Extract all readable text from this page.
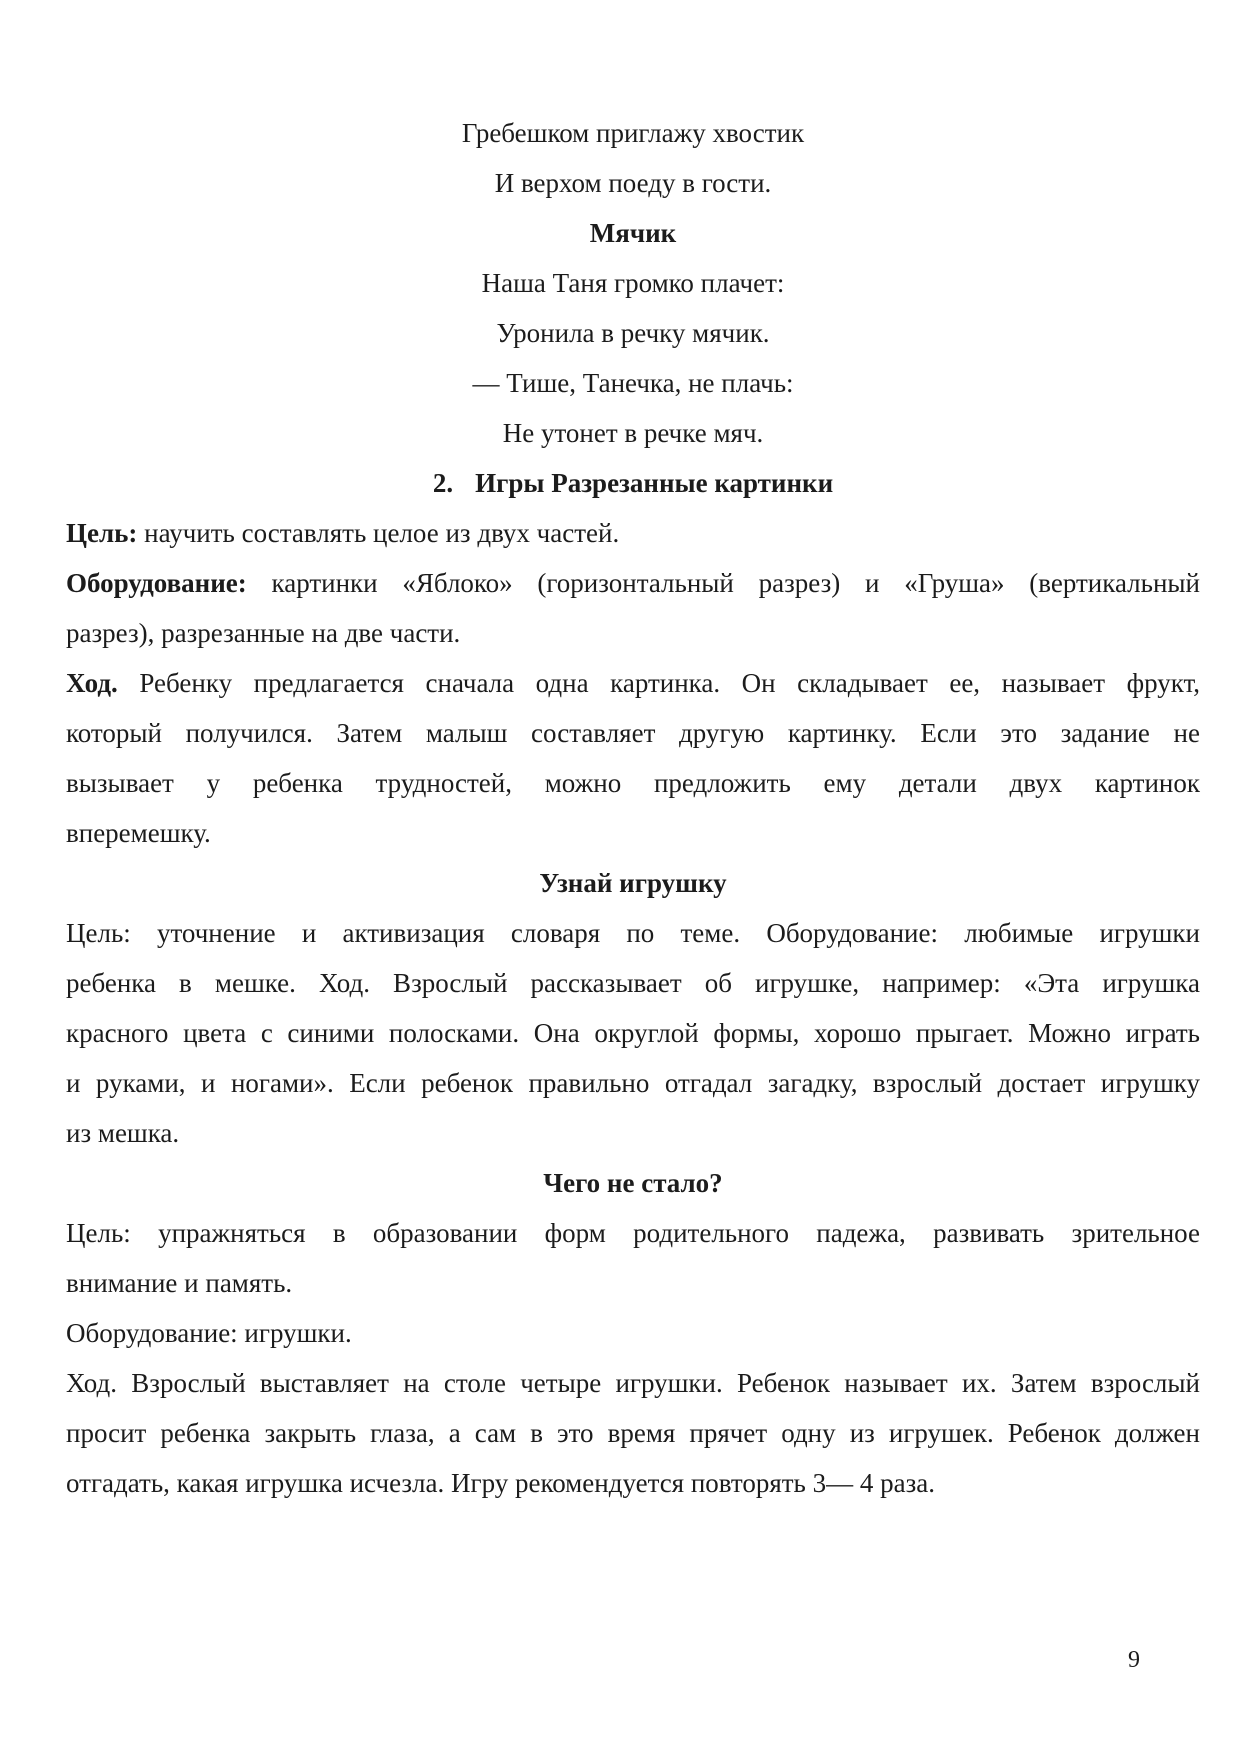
Гребешком приглажу хвостик
И верхом поеду в гости.
Мячик
Наша Таня громко плачет:
Уронила в речку мячик.
— Тише, Танечка, не плачь:
Не утонет в речке мяч.
2. Игры Разрезанные картинки
Цель: научить составлять целое из двух частей.
Оборудование: картинки «Яблоко» (горизонтальный разрез) и «Груша» (вертикальный
разрез), разрезанные на две части.
Ход. Ребенку предлагается сначала одна картинка. Он складывает ее, называет фрукт,
который получился. Затем малыш составляет другую картинку. Если это задание не
вызывает у ребенка трудностей, можно предложить ему детали двух картинок
вперемешку.
Узнай игрушку
Цель: уточнение и активизация словаря по теме. Оборудование: любимые игрушки
ребенка в мешке. Ход. Взрослый рассказывает об игрушке, например: «Эта игрушка
красного цвета с синими полосками. Она округлой формы, хорошо прыгает. Можно играть
и руками, и ногами». Если ребенок правильно отгадал загадку, взрослый достает игрушку
из мешка.
Чего не стало?
Цель: упражняться в образовании форм родительного падежа, развивать зрительное
внимание и память.
Оборудование: игрушки.
Ход. Взрослый выставляет на столе четыре игрушки. Ребенок называет их. Затем взрослый
просит ребенка закрыть глаза, а сам в это время прячет одну из игрушек. Ребенок должен
отгадать, какая игрушка исчезла. Игру рекомендуется повторять 3— 4 раза.
9
